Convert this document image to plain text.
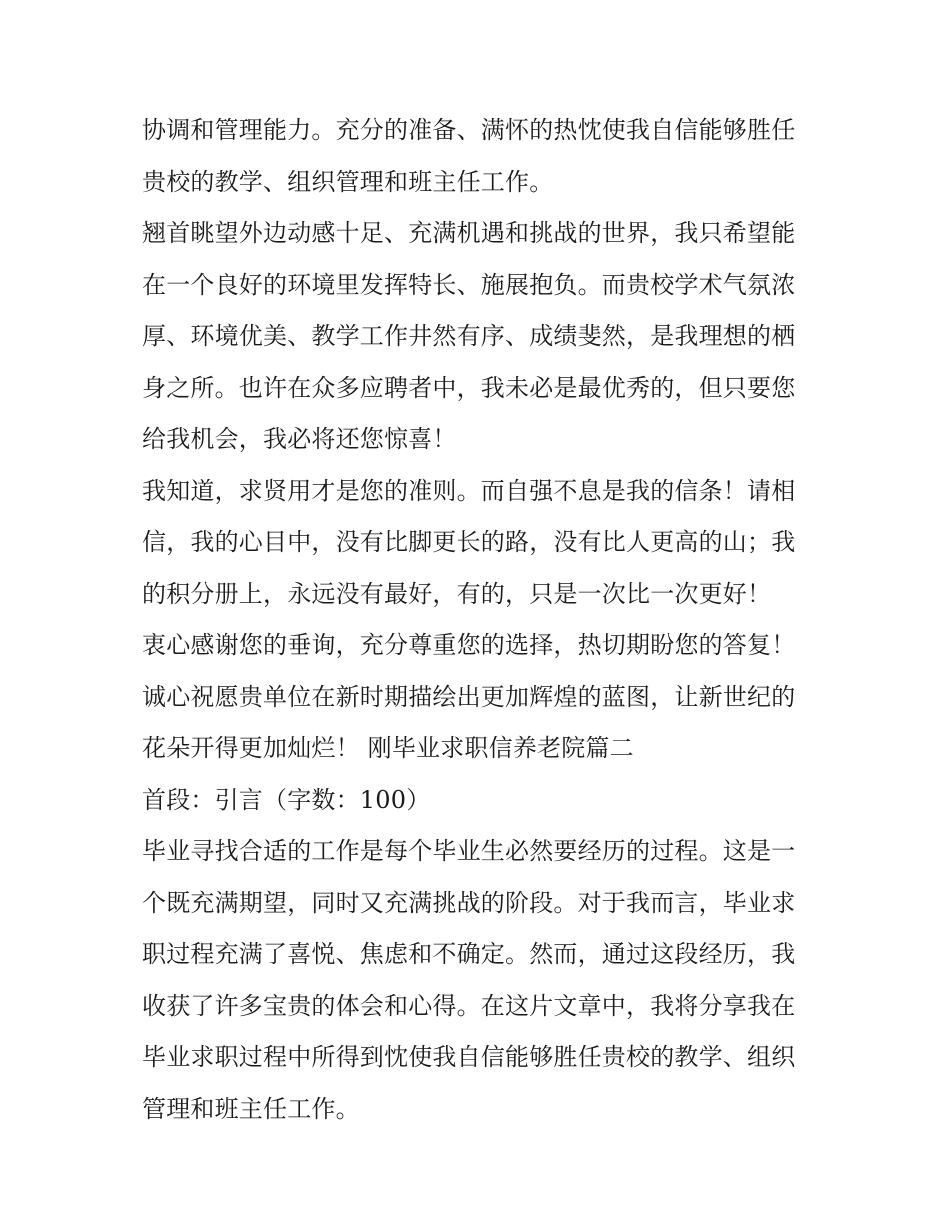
协调和管理能力。充分的准备、满怀的热忱使我自信能够胜任
贵校的教学、组织管理和班主任工作。
翘首眺望外边动感十足、充满机遇和挑战的世界，我只希望能
在一个良好的环境里发挥特长、施展抱负。而贵校学术气氛浓
厚、环境优美、教学工作井然有序、成绩斐然，是我理想的栖
身之所。也许在众多应聘者中，我未必是最优秀的，但只要您
给我机会，我必将还您惊喜！
我知道，求贤用才是您的准则。而自强不息是我的信条！请相
信，我的心目中，没有比脚更长的路，没有比人更高的山；我
的积分册上，永远没有最好，有的，只是一次比一次更好！
衷心感谢您的垂询，充分尊重您的选择，热切期盼您的答复！
诚心祝愿贵单位在新时期描绘出更加辉煌的蓝图，让新世纪的
花朵开得更加灿烂！ 刚毕业求职信养老院篇二
首段：引言（字数：100）
毕业寻找合适的工作是每个毕业生必然要经历的过程。这是一
个既充满期望，同时又充满挑战的阶段。对于我而言，毕业求
职过程充满了喜悦、焦虑和不确定。然而，通过这段经历，我
收获了许多宝贵的体会和心得。在这片文章中，我将分享我在
毕业求职过程中所得到忱使我自信能够胜任贵校的教学、组织
管理和班主任工作。
